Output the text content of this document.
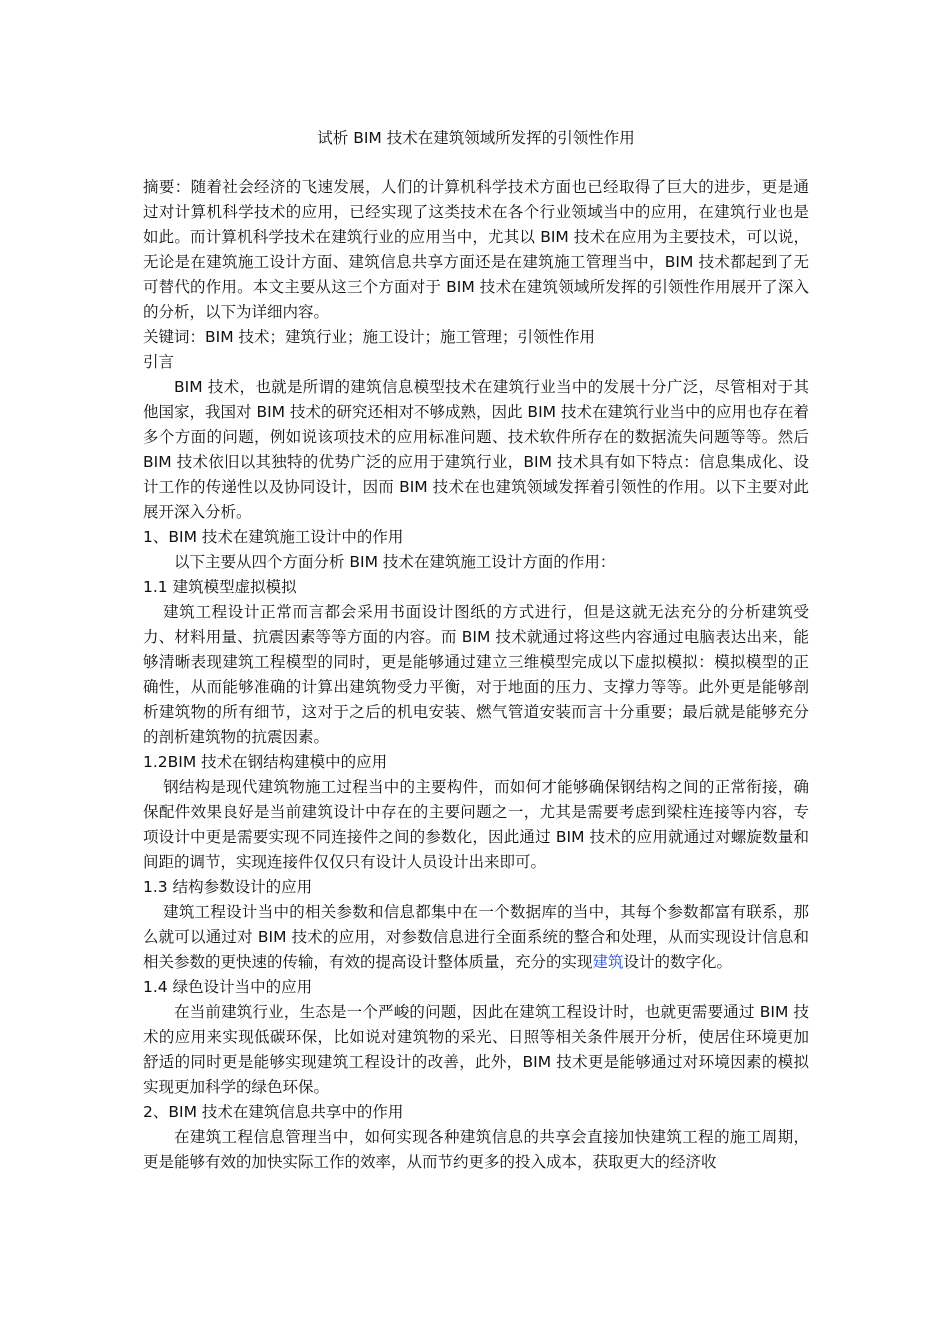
试析 BIM 技术在建筑领域所发挥的引领性作用

摘要：随着社会经济的飞速发展，人们的计算机科学技术方面也已经取得了巨大的进步，更是通过对计算机科学技术的应用，已经实现了这类技术在各个行业领域当中的应用，在建筑行业也是如此。而计算机科学技术在建筑行业的应用当中，尤其以 BIM 技术在应用为主要技术，可以说，无论是在建筑施工设计方面、建筑信息共享方面还是在建筑施工管理当中，BIM 技术都起到了无可替代的作用。本文主要从这三个方面对于 BIM 技术在建筑领域所发挥的引领性作用展开了深入的分析，以下为详细内容。

关键词：BIM 技术；建筑行业；施工设计；施工管理；引领性作用

引言

BIM 技术，也就是所谓的建筑信息模型技术在建筑行业当中的发展十分广泛，尽管相对于其他国家，我国对 BIM 技术的研究还相对不够成熟，因此 BIM 技术在建筑行业当中的应用也存在着多个方面的问题，例如说该项技术的应用标准问题、技术软件所存在的数据流失问题等等。然后 BIM 技术依旧以其独特的优势广泛的应用于建筑行业，BIM 技术具有如下特点：信息集成化、设计工作的传递性以及协同设计，因而 BIM 技术在也建筑领域发挥着引领性的作用。以下主要对此展开深入分析。

1、BIM 技术在建筑施工设计中的作用

以下主要从四个方面分析 BIM 技术在建筑施工设计方面的作用：

1.1 建筑模型虚拟模拟

建筑工程设计正常而言都会采用书面设计图纸的方式进行，但是这就无法充分的分析建筑受力、材料用量、抗震因素等等方面的内容。而 BIM 技术就通过将这些内容通过电脑表达出来，能够清晰表现建筑工程模型的同时，更是能够通过建立三维模型完成以下虚拟模拟：模拟模型的正确性，从而能够准确的计算出建筑物受力平衡，对于地面的压力、支撑力等等。此外更是能够剖析建筑物的所有细节，这对于之后的机电安装、燃气管道安装而言十分重要；最后就是能够充分的剖析建筑物的抗震因素。

1.2BIM 技术在钢结构建模中的应用

钢结构是现代建筑物施工过程当中的主要构件，而如何才能够确保钢结构之间的正常衔接，确保配件效果良好是当前建筑设计中存在的主要问题之一，尤其是需要考虑到梁柱连接等内容，专项设计中更是需要实现不同连接件之间的参数化，因此通过 BIM 技术的应用就通过对螺旋数量和间距的调节，实现连接件仅仅只有设计人员设计出来即可。

1.3 结构参数设计的应用

建筑工程设计当中的相关参数和信息都集中在一个数据库的当中，其每个参数都富有联系，那么就可以通过对 BIM 技术的应用，对参数信息进行全面系统的整合和处理，从而实现设计信息和相关参数的更快速的传输，有效的提高设计整体质量，充分的实现建筑设计的数字化。

1.4 绿色设计当中的应用

在当前建筑行业，生态是一个严峻的问题，因此在建筑工程设计时，也就更需要通过 BIM 技术的应用来实现低碳环保，比如说对建筑物的采光、日照等相关条件展开分析，使居住环境更加舒适的同时更是能够实现建筑工程设计的改善，此外，BIM 技术更是能够通过对环境因素的模拟实现更加科学的绿色环保。

2、BIM 技术在建筑信息共享中的作用

在建筑工程信息管理当中，如何实现各种建筑信息的共享会直接加快建筑工程的施工周期，更是能够有效的加快实际工作的效率，从而节约更多的投入成本，获取更大的经济收
